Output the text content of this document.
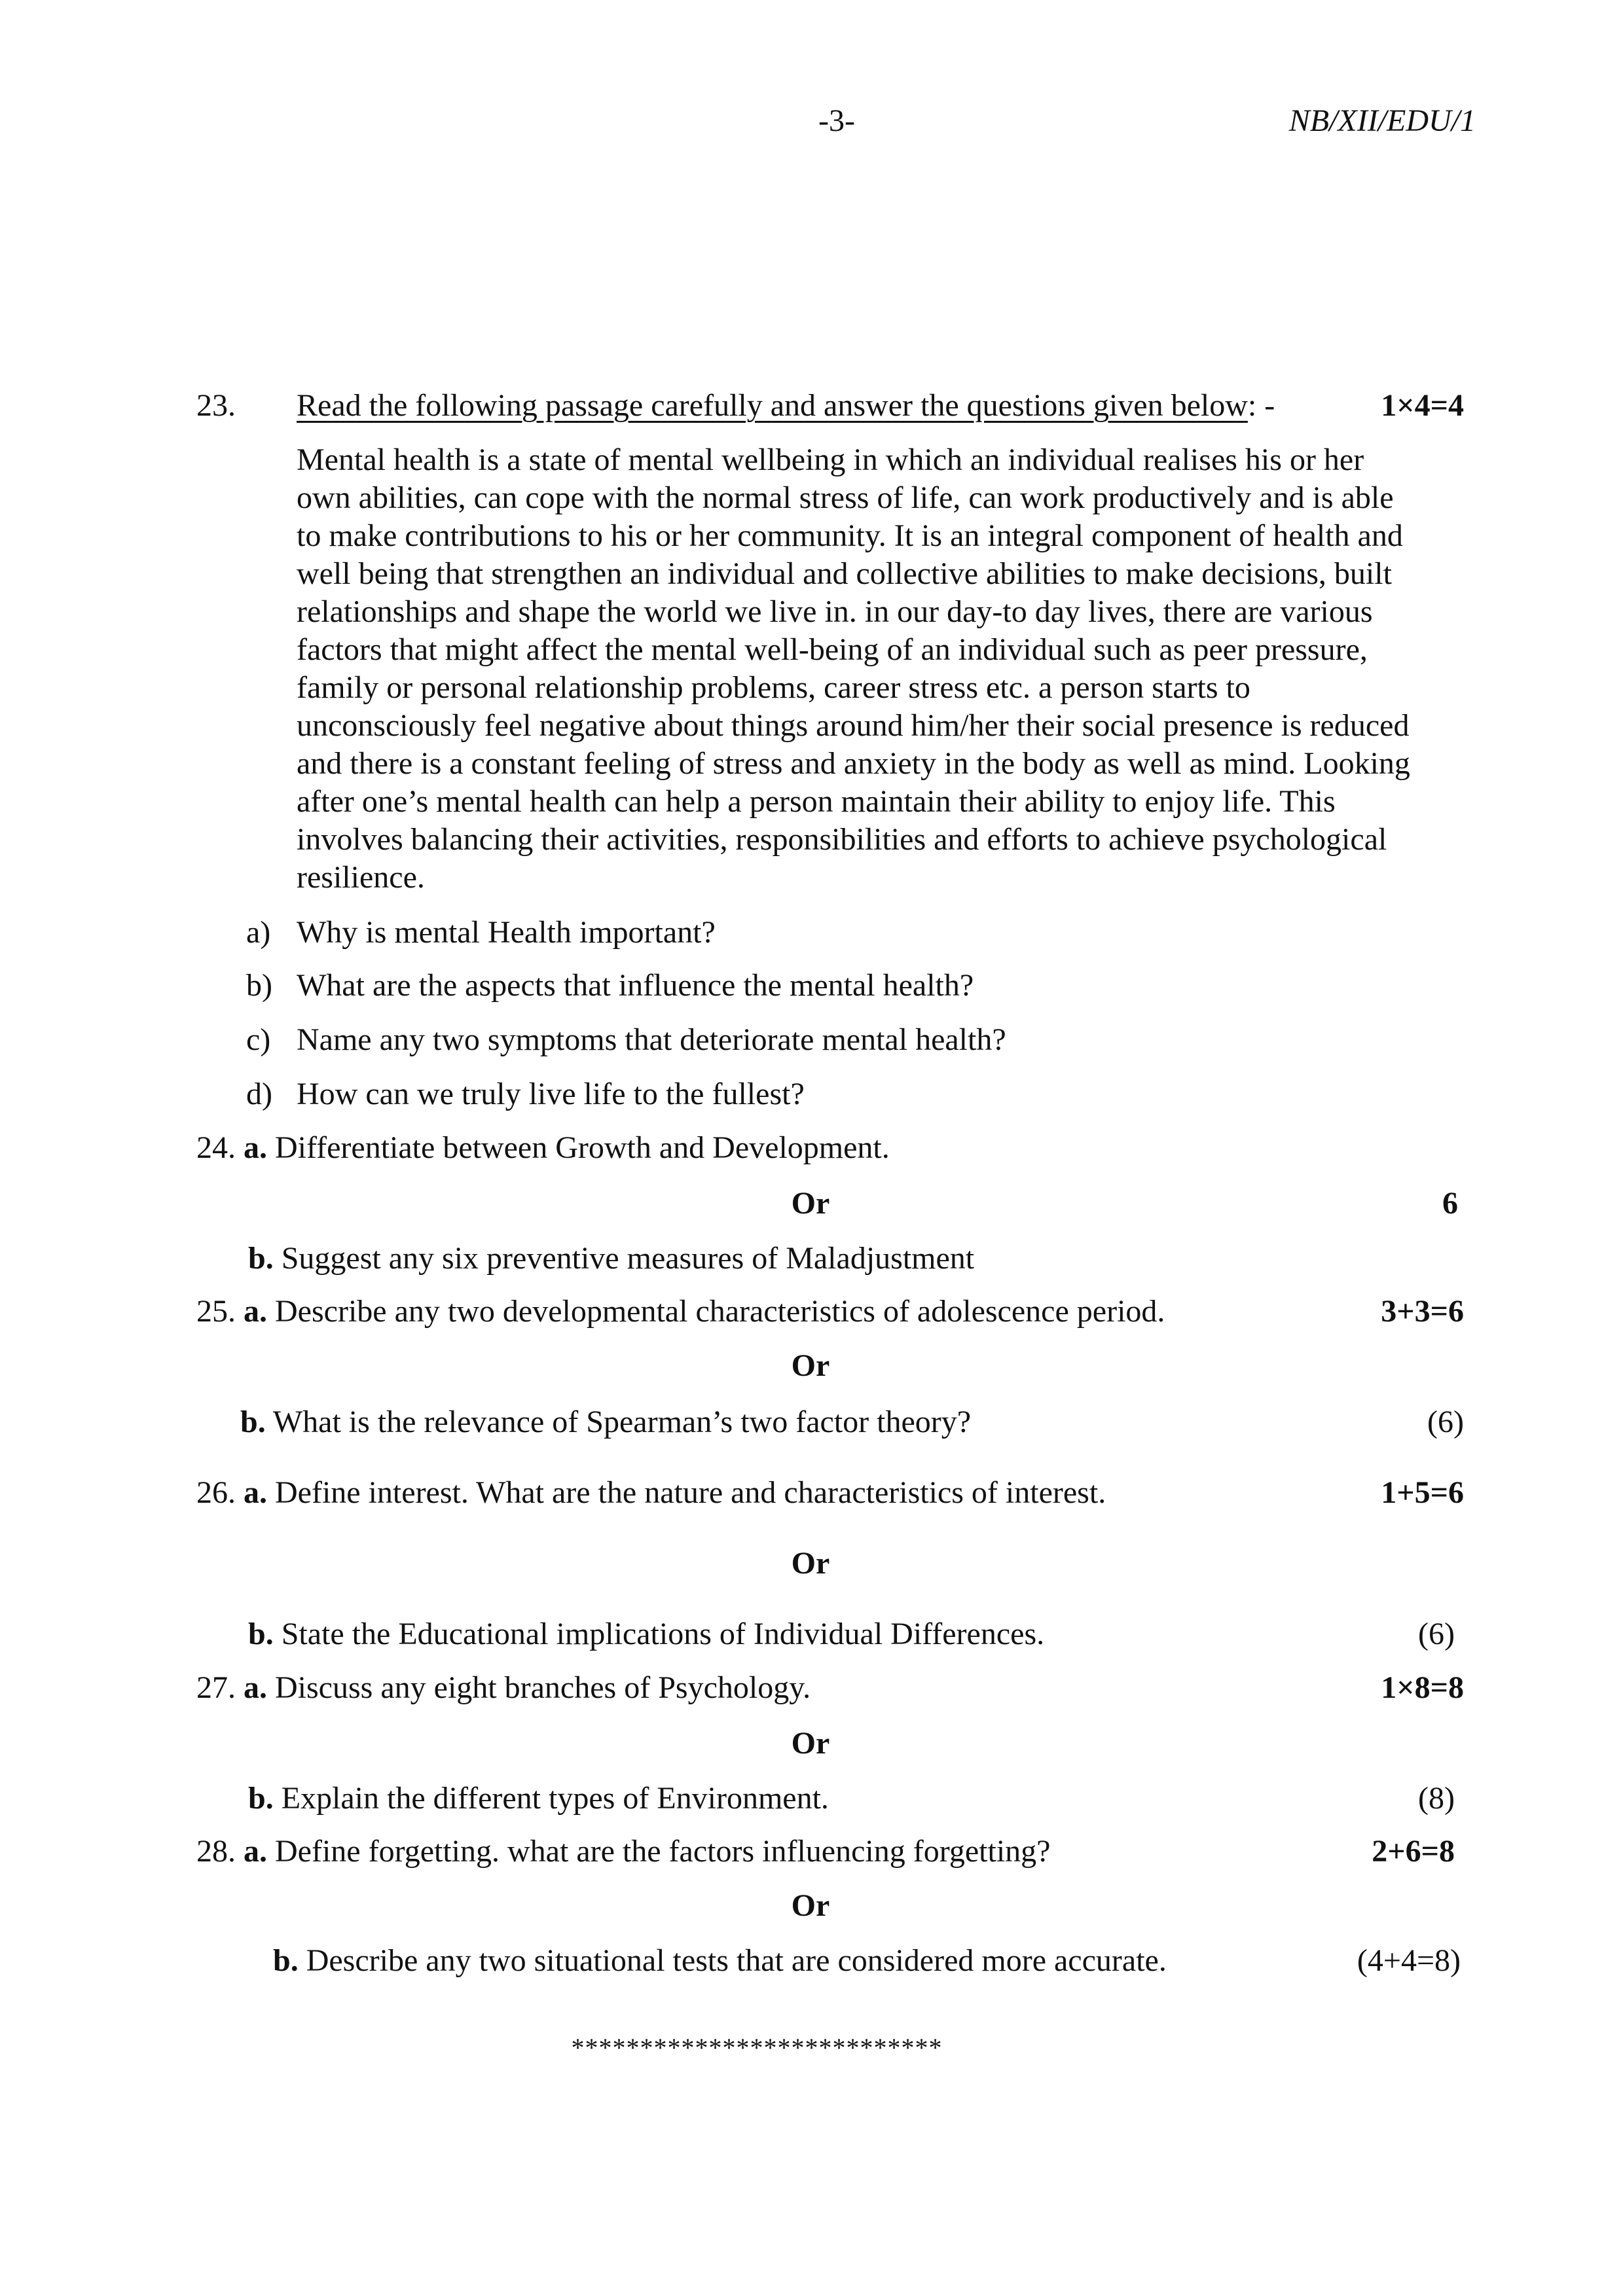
-3-	NB/XII/EDU/1
23. Read the following passage carefully and answer the questions given below: -	1×4=4
Mental health is a state of mental wellbeing in which an individual realises his or her
own abilities, can cope with the normal stress of life, can work productively and is able
to make contributions to his or her community. It is an integral component of health and
well being that strengthen an individual and collective abilities to make decisions, built
relationships and shape the world we live in. in our day-to day lives, there are various
factors that might affect the mental well-being of an individual such as peer pressure,
family or personal relationship problems, career stress etc. a person starts to
unconsciously feel negative about things around him/her their social presence is reduced
and there is a constant feeling of stress and anxiety in the body as well as mind. Looking
after one’s mental health can help a person maintain their ability to enjoy life. This
involves balancing their activities, responsibilities and efforts to achieve psychological
resilience.
a) Why is mental Health important?
b) What are the aspects that influence the mental health?
c) Name any two symptoms that deteriorate mental health?
d) How can we truly live life to the fullest?
24. a. Differentiate between Growth and Development.
Or	6
b. Suggest any six preventive measures of Maladjustment
25. a. Describe any two developmental characteristics of adolescence period.	3+3=6
Or
b. What is the relevance of Spearman’s two factor theory?	(6)
26. a. Define interest. What are the nature and characteristics of interest.	1+5=6
Or
b. State the Educational implications of Individual Differences.	(6)
27. a. Discuss any eight branches of Psychology.	1×8=8
Or
b. Explain the different types of Environment.	(8)
28. a. Define forgetting. what are the factors influencing forgetting?	2+6=8
Or
b. Describe any two situational tests that are considered more accurate.	(4+4=8)
***************************
